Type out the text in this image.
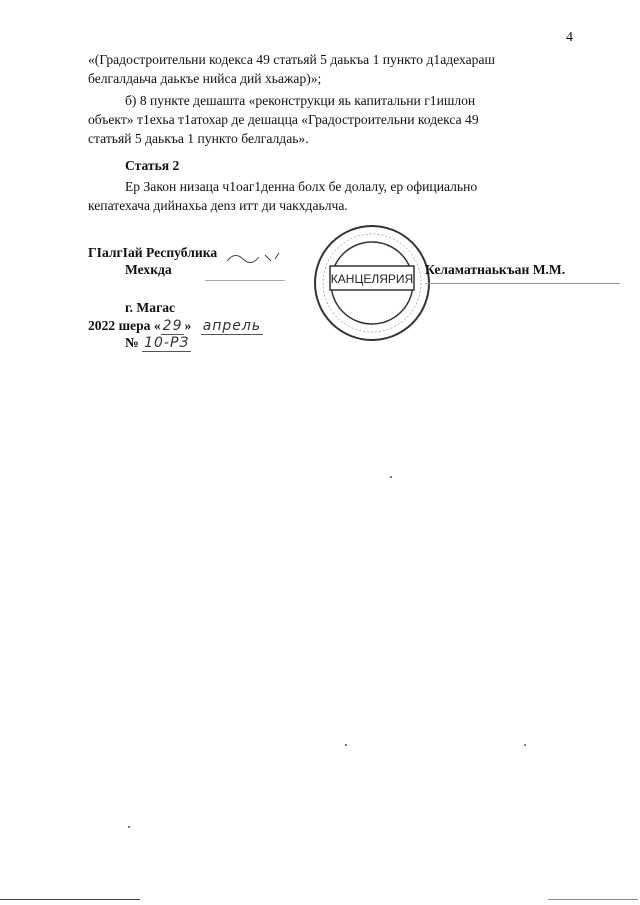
4
«(Градостроительни кодекса 49 статьяй 5 даькъа 1 пункто д1адехараш
белгалдаьча даькъе нийса дий хьажар)»;
б) 8 пункте дешашта «реконструкци яь капитальни г1ишлон
объект» т1ехьа т1атохар де дешацца «Градостроительни кодекса 49
статьяй 5 даькъа 1 пункто белгалдаь».
Статья 2
Ер Закон низаца ч1оаг1денна болх бе долалу, ер официально
кепатехача дийнахьа дenз итт ди чакхдаьлча.
ГІалгІай Республика
Мехкда
КАНЦЕЛЯРИЯ
Келаматнаькъан М.М.
г. Магас
2022 шера « 29 » апрель
№ 10-РЗ
